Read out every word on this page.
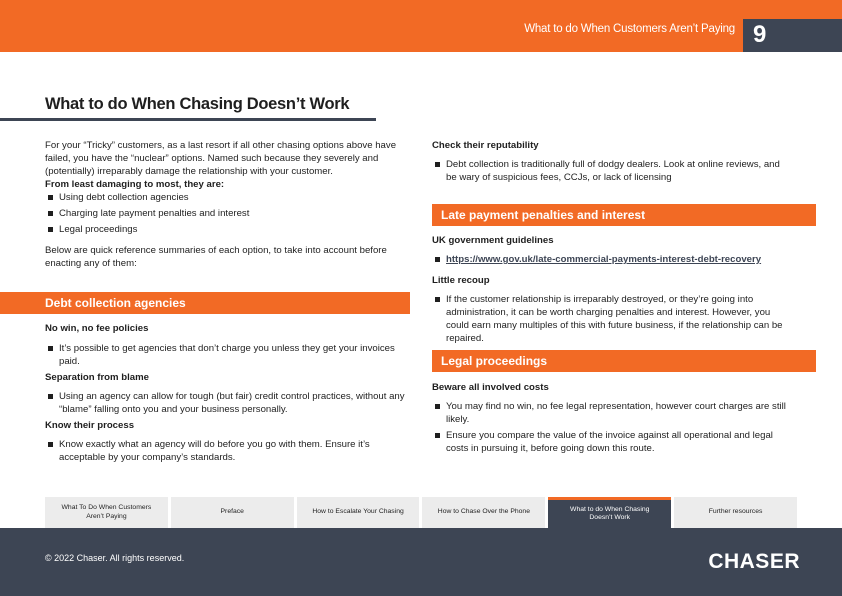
What to do When Customers Aren’t Paying 9
What to do When Chasing Doesn’t Work

For your “Tricky” customers, as a last resort if all other chasing options above have failed, you have the “nuclear” options. Named such because they severely and (potentially) irreparably damage the relationship with your customer.

From least damaging to most, they are:

Using debt collection agencies
Charging late payment penalties and interest
Legal proceedings

Below are quick reference summaries of each option, to take into account before enacting any of them:

Debt collection agencies

No win, no fee policies

It’s possible to get agencies that don’t charge you unless they get your invoices paid.

Separation from blame

Using an agency can allow for tough (but fair) credit control practices, without any “blame” falling onto you and your business personally.

Know their process

Know exactly what an agency will do before you go with them. Ensure it’s acceptable by your company’s standards.

Check their reputability

Debt collection is traditionally full of dodgy dealers. Look at online reviews, and be wary of suspicious fees, CCJs, or lack of licensing
Late payment penalties and interest

UK government guidelines

https://www.gov.uk/late-commercial-payments-interest-debt-recovery

Little recoup

If the customer relationship is irreparably destroyed, or they’re going into administration, it can be worth charging penalties and interest. However, you could earn many multiples of this with future business, if the relationship can be repaired.
Legal proceedings

Beware all involved costs

You may find no win, no fee legal representation, however court charges are still likely.
Ensure you compare the value of the invoice against all operational and legal costs in pursuing it, before going down this route.
What To Do When Customers Aren’t Paying
Preface	How to Escalate Your Chasing	How to Chase Over the Phone	What to do When Chasing Doesn’t Work
Further resources
© 2022 Chaser. All rights reserved.	CHASER
